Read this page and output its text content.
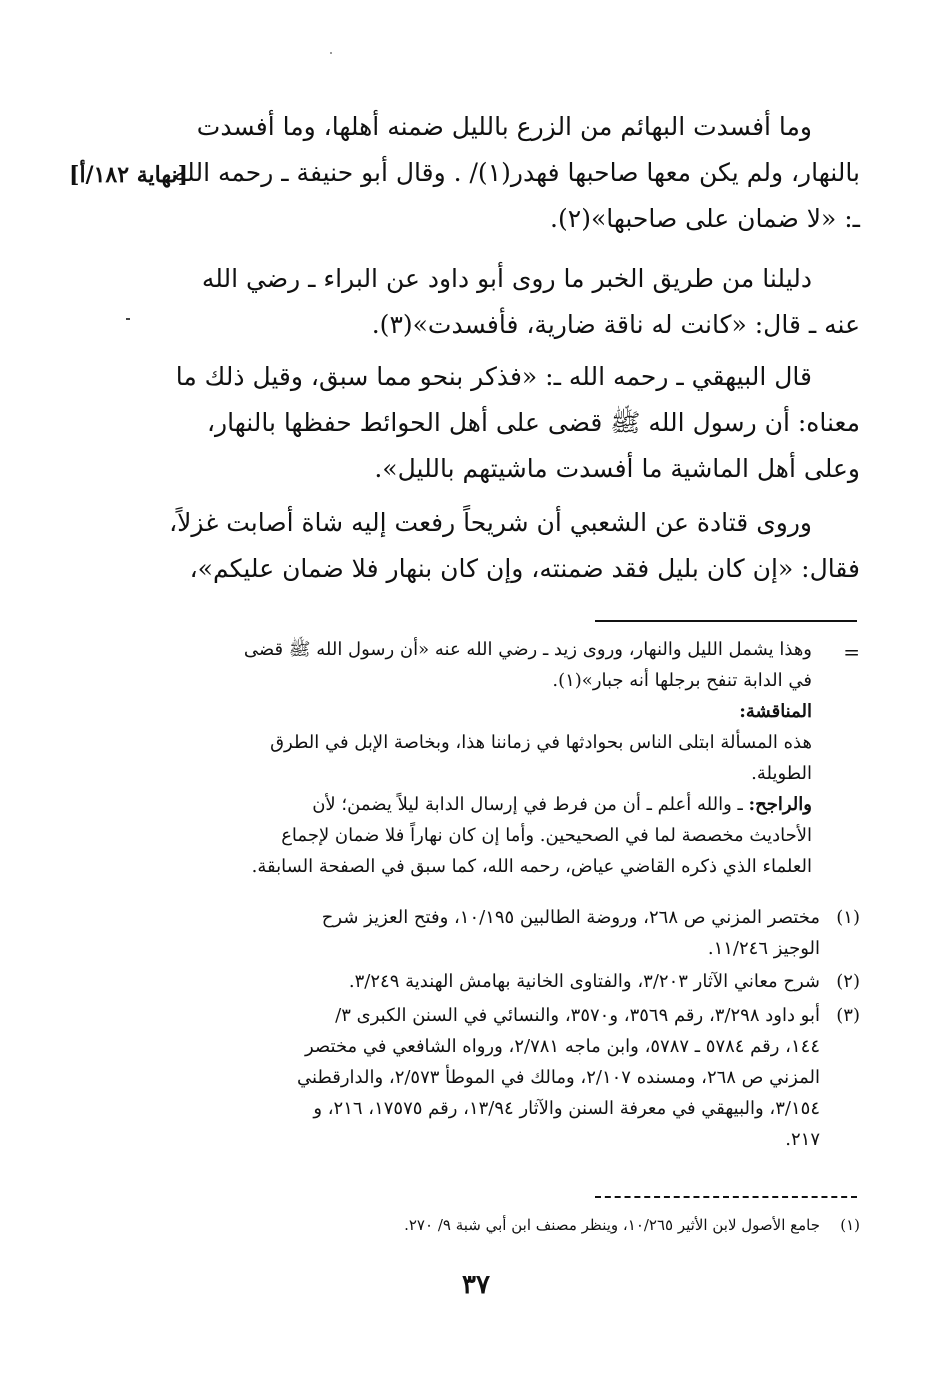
وما أفسدت البهائم من الزرع بالليل ضمنه أهلها، وما أفسدت
بالنهار، ولم يكن معها صاحبها فهدر(١)/ . وقال أبو حنيفة ـ رحمه الله
ـ: «لا ضمان على صاحبها»(٢).
[نهاية ١٨٢/أ]
دليلنا من طريق الخبر ما روى أبو داود عن البراء ـ رضي الله
عنه ـ قال: «كانت له ناقة ضارية، فأفسدت»(٣).
قال البيهقي ـ رحمه الله ـ: «فذكر بنحو مما سبق، وقيل ذلك ما
معناه: أن رسول الله ﷺ قضى على أهل الحوائط حفظها بالنهار،
وعلى أهل الماشية ما أفسدت ماشيتهم بالليل».
وروى قتادة عن الشعبي أن شريحاً رفعت إليه شاة أصابت غزلاً،
فقال: «إن كان بليل فقد ضمنته، وإن كان بنهار فلا ضمان عليكم»،
=
وهذا يشمل الليل والنهار، وروى زيد ـ رضي الله عنه «أن رسول الله ﷺ قضى
في الدابة تنفح برجلها أنه جبار»(١).
المناقشة:
هذه المسألة ابتلى الناس بحوادثها في زماننا هذا، وبخاصة الإبل في الطرق
الطويلة.
والراجح: ـ والله أعلم ـ أن من فرط في إرسال الدابة ليلاً يضمن؛ لأن
الأحاديث مخصصة لما في الصحيحين. وأما إن كان نهاراً فلا ضمان لإجماع
العلماء الذي ذكره القاضي عياض، رحمه الله، كما سبق في الصفحة السابقة.
(١)
مختصر المزني ص ٢٦٨، وروضة الطالبين ١٠/١٩٥، وفتح العزيز شرح
الوجيز ١١/٢٤٦.
(٢)
شرح معاني الآثار ٣/٢٠٣، والفتاوى الخانية بهامش الهندية ٣/٢٤٩.
(٣)
أبو داود ٣/٢٩٨، رقم ٣٥٦٩، و٣٥٧٠، والنسائي في السنن الكبرى ٣/
١٤٤، رقم ٥٧٨٤ ـ ٥٧٨٧، وابن ماجه ٢/٧٨١، ورواه الشافعي في مختصر
المزني ص ٢٦٨، ومسنده ٢/١٠٧، ومالك في الموطأ ٢/٥٧٣، والدارقطني
٣/١٥٤، والبيهقي في معرفة السنن والآثار ١٣/٩٤، رقم ١٧٥٧٥، ٢١٦، و
٢١٧.
(١)
جامع الأصول لابن الأثير ١٠/٢٦٥، وينظر مصنف ابن أبي شبة ٩/ ٢٧٠.
٣٧
